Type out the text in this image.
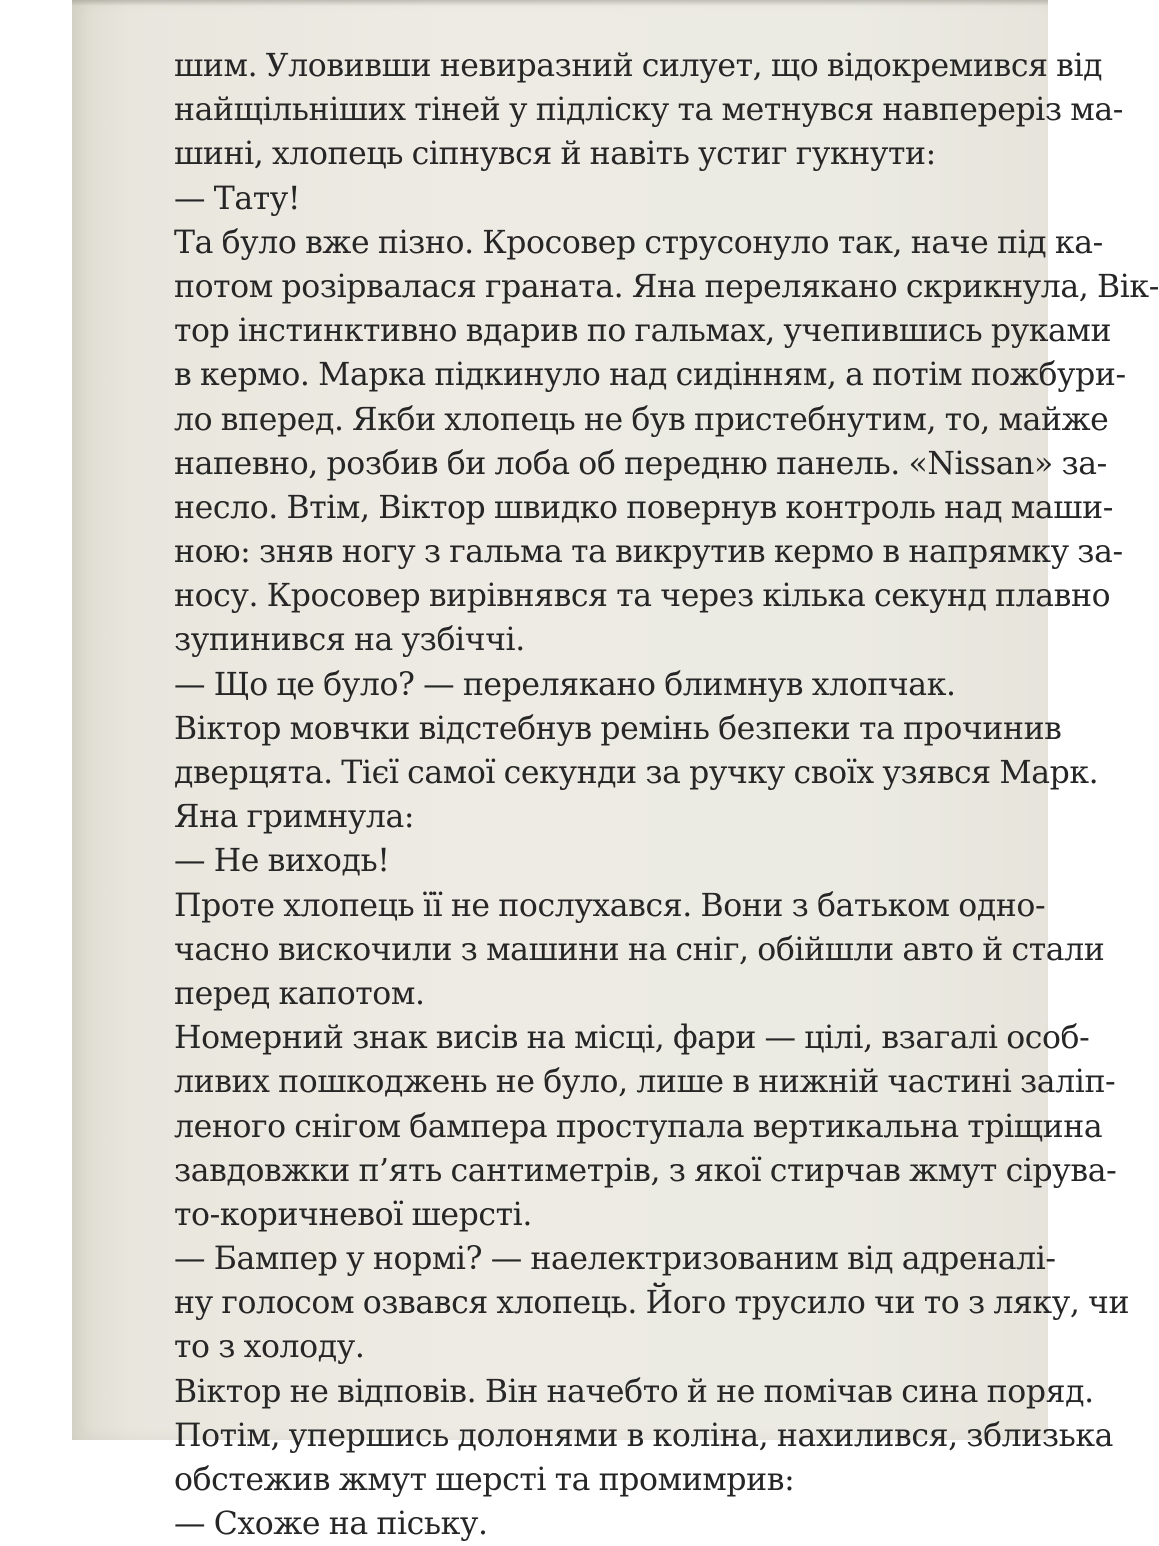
шим. Уловивши невиразний силует, що відокремився від
найщільніших тіней у підліску та метнувся навпереріз ма-
шині, хлопець сіпнувся й навіть устиг гукнути:
— Тату!
Та було вже пізно. Кросовер струсонуло так, наче під ка-
потом розірвалася граната. Яна перелякано скрикнула, Вік-
тор інстинктивно вдарив по гальмах, учепившись руками
в кермо. Марка підкинуло над сидінням, а потім пожбури-
ло вперед. Якби хлопець не був пристебнутим, то, майже
напевно, розбив би лоба об передню панель. «Nissan» за-
несло. Втім, Віктор швидко повернув контроль над маши-
ною: зняв ногу з гальма та викрутив кермо в напрямку за-
носу. Кросовер вирівнявся та через кілька секунд плавно
зупинився на узбіччі.
— Що це було? — перелякано блимнув хлопчак.
Віктор мовчки відстебнув ремінь безпеки та прочинив
дверцята. Тієї самої секунди за ручку своїх узявся Марк.
Яна гримнула:
— Не виходь!
Проте хлопець її не послухався. Вони з батьком одно-
часно вискочили з машини на сніг, обійшли авто й стали
перед капотом.
Номерний знак висів на місці, фари — цілі, взагалі особ-
ливих пошкоджень не було, лише в нижній частині заліп-
леного снігом бампера проступала вертикальна тріщина
завдовжки п’ять сантиметрів, з якої стирчав жмут сірува-
то-коричневої шерсті.
— Бампер у нормі? — наелектризованим від адреналі-
ну голосом озвався хлопець. Його трусило чи то з ляку, чи
то з холоду.
Віктор не відповів. Він начебто й не помічав сина поряд.
Потім, упершись долонями в коліна, нахилився, зблизька
обстежив жмут шерсті та промимрив:
— Схоже на піську.
